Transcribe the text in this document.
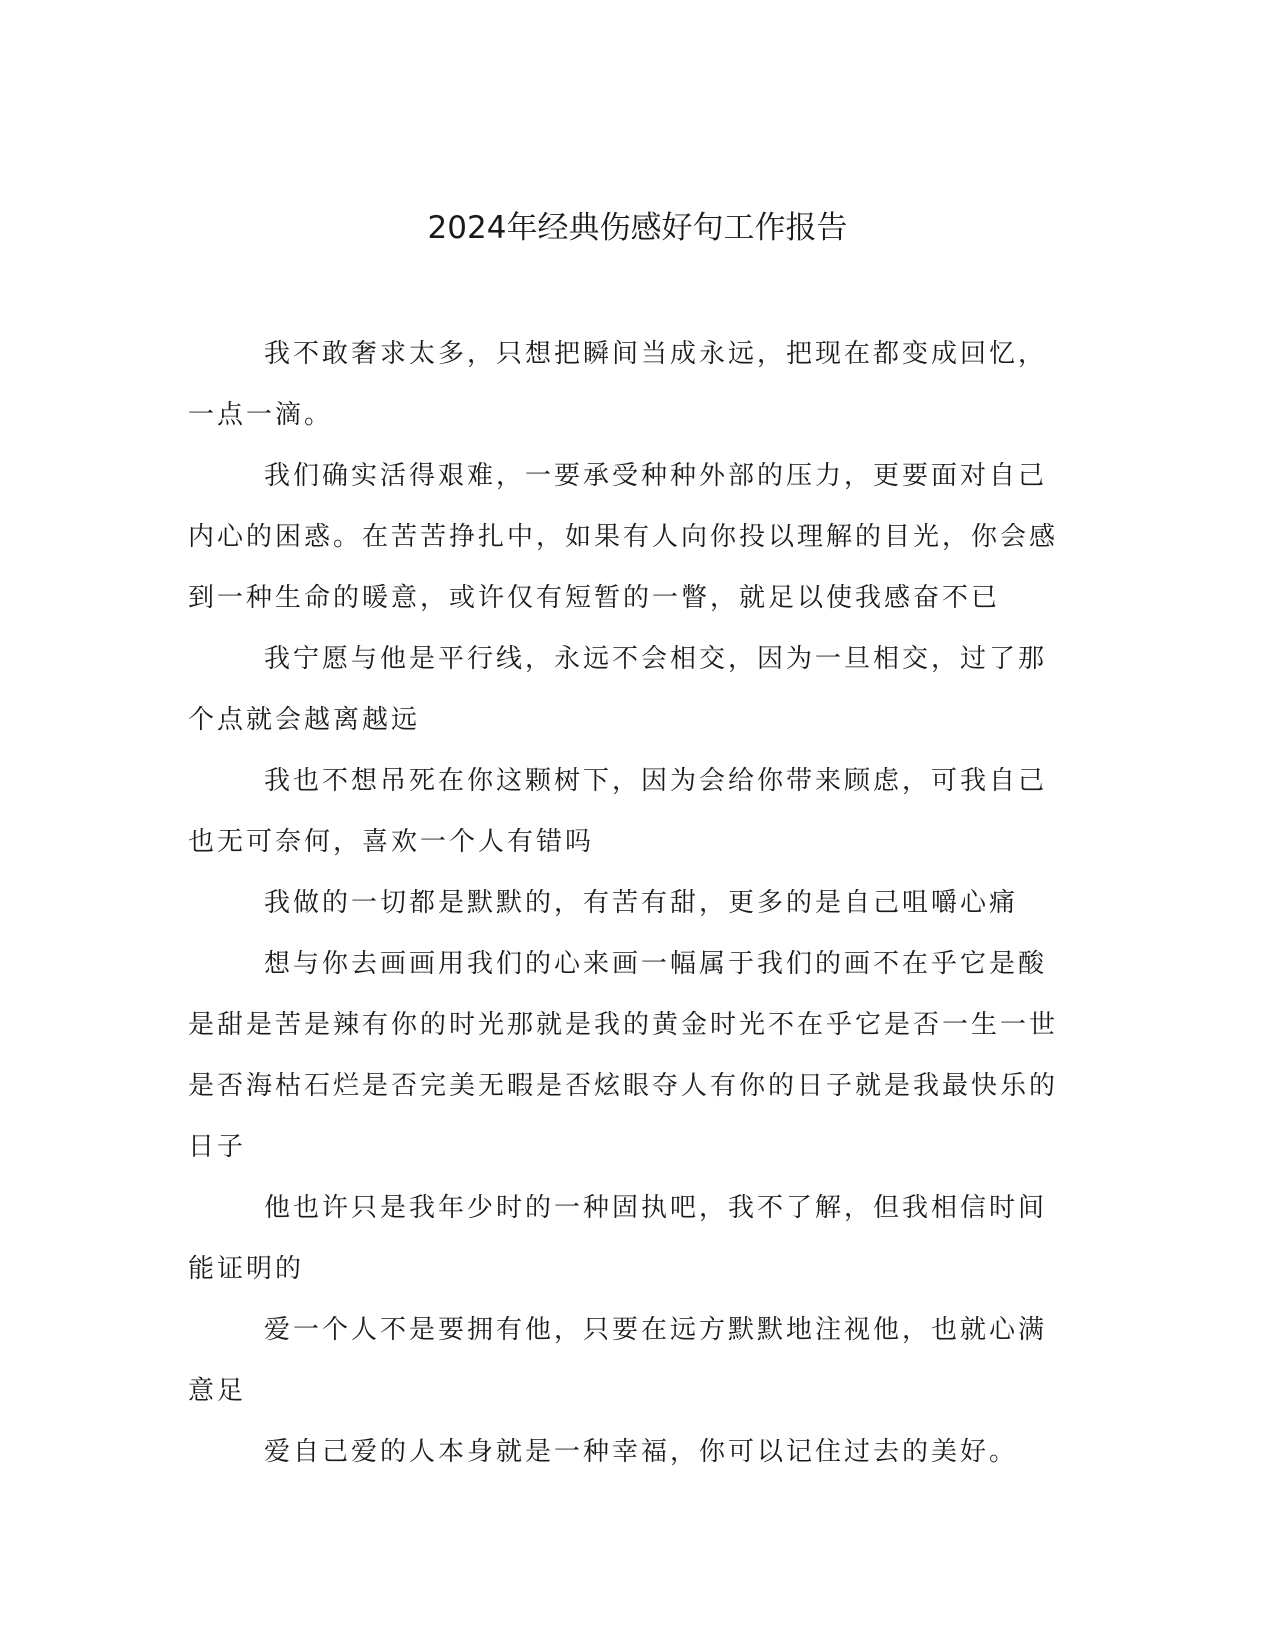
2024年经典伤感好句工作报告

我不敢奢求太多，只想把瞬间当成永远，把现在都变成回忆，一点一滴。

我们确实活得艰难，一要承受种种外部的压力，更要面对自己内心的困惑。在苦苦挣扎中，如果有人向你投以理解的目光，你会感到一种生命的暖意，或许仅有短暂的一瞥，就足以使我感奋不已

我宁愿与他是平行线，永远不会相交，因为一旦相交，过了那个点就会越离越远

我也不想吊死在你这颗树下，因为会给你带来顾虑，可我自己也无可奈何，喜欢一个人有错吗

我做的一切都是默默的，有苦有甜，更多的是自己咀嚼心痛

想与你去画画用我们的心来画一幅属于我们的画不在乎它是酸是甜是苦是辣有你的时光那就是我的黄金时光不在乎它是否一生一世是否海枯石烂是否完美无暇是否炫眼夺人有你的日子就是我最快乐的日子

他也许只是我年少时的一种固执吧，我不了解，但我相信时间能证明的

爱一个人不是要拥有他，只要在远方默默地注视他，也就心满意足

爱自己爱的人本身就是一种幸福，你可以记住过去的美好。
